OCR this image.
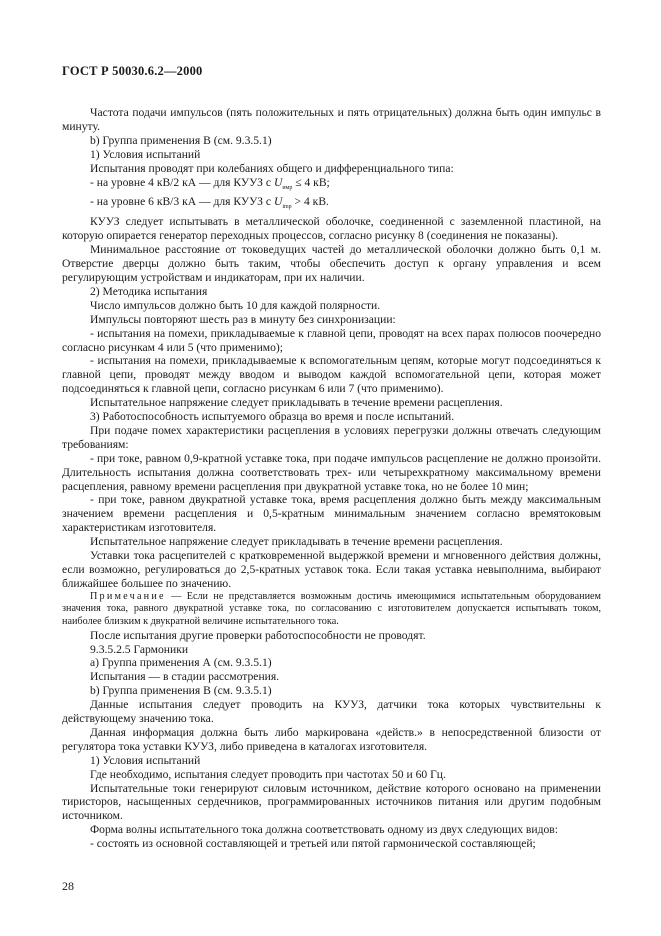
ГОСТ Р 50030.6.2—2000

Частота подачи импульсов (пять положительных и пять отрицательных) должна быть один импульс в минуту.

b) Группа применения В (см. 9.3.5.1)

1) Условия испытаний

Испытания проводят при колебаниях общего и дифференциального типа:

- на уровне 4 кВ/2 кА — для КУУЗ с $U_{имр} \le 4$ кВ;

- на уровне 6 кВ/3 кА — для КУУЗ с $U_{imp} > 4$ кВ.

КУУЗ следует испытывать в металлической оболочке, соединенной с заземленной пластиной, на которую опирается генератор переходных процессов, согласно рисунку 8 (соединения не показаны).

Минимальное расстояние от токоведущих частей до металлической оболочки должно быть 0,1 м. Отверстие дверцы должно быть таким, чтобы обеспечить доступ к органу управления и всем регулирующим устройствам и индикаторам, при их наличии.

2) Методика испытания

Число импульсов должно быть 10 для каждой полярности.

Импульсы повторяют шесть раз в минуту без синхронизации:

- испытания на помехи, прикладываемые к главной цепи, проводят на всех парах полюсов поочередно согласно рисункам 4 или 5 (что применимо);

- испытания на помехи, прикладываемые к вспомогательным цепям, которые могут подсоединяться к главной цепи, проводят между вводом и выводом каждой вспомогательной цепи, которая может подсоединяться к главной цепи, согласно рисункам 6 или 7 (что применимо).

Испытательное напряжение следует прикладывать в течение времени расцепления.

3) Работоспособность испытуемого образца во время и после испытаний.

При подаче помех характеристики расцепления в условиях перегрузки должны отвечать следующим требованиям:

- при токе, равном 0,9-кратной уставке тока, при подаче импульсов расцепление не должно произойти. Длительность испытания должна соответствовать трех- или четырехкратному максимальному времени расцепления, равному времени расцепления при двукратной уставке тока, но не более 10 мин;

- при токе, равном двукратной уставке тока, время расцепления должно быть между максимальным значением времени расцепления и 0,5-кратным минимальным значением согласно времятоковым характеристикам изготовителя.

Испытательное напряжение следует прикладывать в течение времени расцепления.

Уставки тока расцепителей с кратковременной выдержкой времени и мгновенного действия должны, если возможно, регулироваться до 2,5-кратных уставок тока. Если такая уставка невыполнима, выбирают ближайшее большее по значению.

Примечание — Если не представляется возможным достичь имеющимися испытательным оборудованием значения тока, равного двукратной уставке тока, по согласованию с изготовителем допускается испытывать током, наиболее близким к двукратной величине испытательного тока.

После испытания другие проверки работоспособности не проводят.

9.3.5.2.5 Гармоники

а) Группа применения А (см. 9.3.5.1)

Испытания — в стадии рассмотрения.

b) Группа применения В (см. 9.3.5.1)

Данные испытания следует проводить на КУУЗ, датчики тока которых чувствительны к действующему значению тока.

Данная информация должна быть либо маркирована «действ.» в непосредственной близости от регулятора тока уставки КУУЗ, либо приведена в каталогах изготовителя.

1) Условия испытаний

Где необходимо, испытания следует проводить при частотах 50 и 60 Гц.

Испытательные токи генерируют силовым источником, действие которого основано на применении тиристоров, насыщенных сердечников, программированных источников питания или другим подобным источником.

Форма волны испытательного тока должна соответствовать одному из двух следующих видов:

- состоять из основной составляющей и третьей или пятой гармонической составляющей;

28
